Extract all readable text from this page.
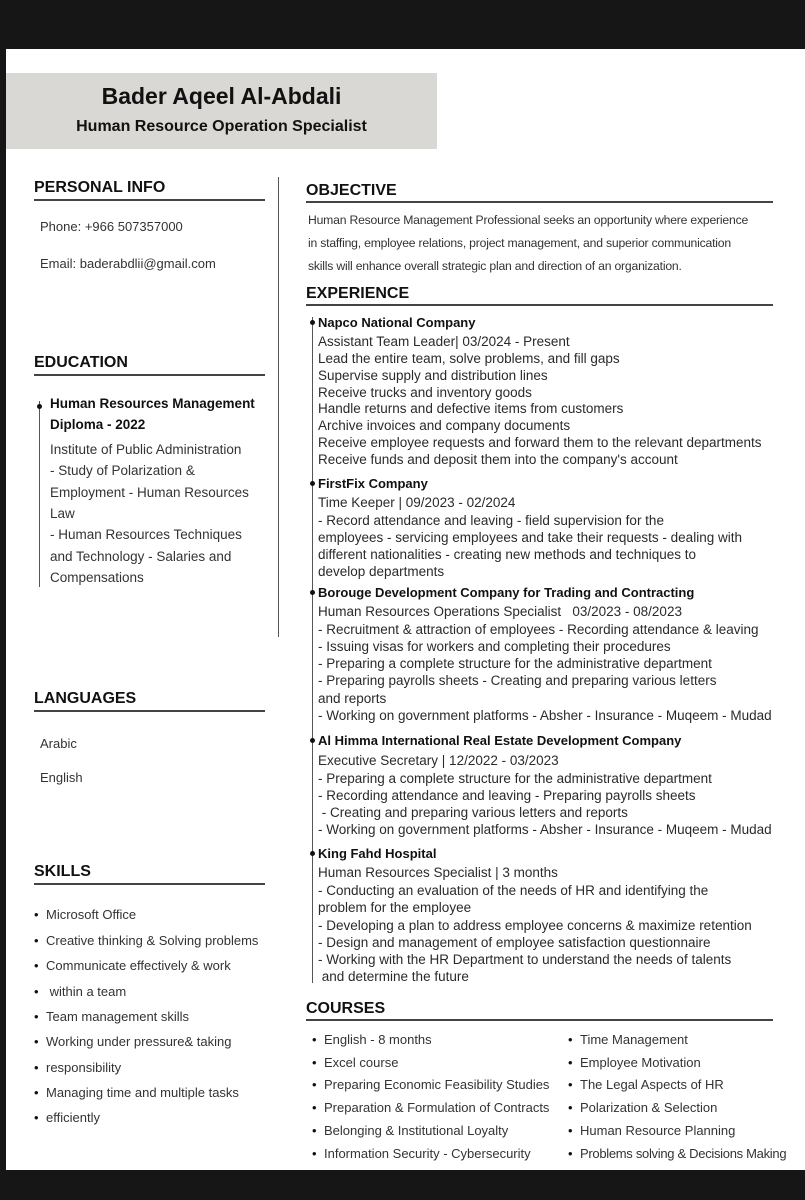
Bader Aqeel Al-Abdali
Human Resource Operation Specialist
PERSONAL INFO
Phone: +966 507357000
Email: baderabdlii@gmail.com
EDUCATION
Human Resources Management
Diploma - 2022
Institute of Public Administration
- Study of Polarization &
Employment - Human Resources
Law
- Human Resources Techniques
and Technology - Salaries and
Compensations
LANGUAGES
Arabic
English
SKILLS
• Microsoft Office
• Creative thinking & Solving problems
• Communicate effectively & work
•  within a team
• Team management skills
• Working under pressure& taking
• responsibility
• Managing time and multiple tasks
• efficiently
OBJECTIVE
Human Resource Management Professional seeks an opportunity where experience
in staffing, employee relations, project management, and superior communication
skills will enhance overall strategic plan and direction of an organization.
EXPERIENCE
Napco National Company
Assistant Team Leader| 03/2024 - Present
Lead the entire team, solve problems, and fill gaps
Supervise supply and distribution lines
Receive trucks and inventory goods
Handle returns and defective items from customers
Archive invoices and company documents
Receive employee requests and forward them to the relevant departments
Receive funds and deposit them into the company's account
FirstFix Company
Time Keeper | 09/2023 - 02/2024
- Record attendance and leaving - field supervision for the
employees - servicing employees and take their requests - dealing with
different nationalities - creating new methods and techniques to
develop departments
Borouge Development Company for Trading and Contracting
Human Resources Operations Specialist   03/2023 - 08/2023
- Recruitment & attraction of employees - Recording attendance & leaving
- Issuing visas for workers and completing their procedures
- Preparing a complete structure for the administrative department
- Preparing payrolls sheets - Creating and preparing various letters
and reports
- Working on government platforms - Absher - Insurance - Muqeem - Mudad
Al Himma International Real Estate Development Company
Executive Secretary | 12/2022 - 03/2023
- Preparing a complete structure for the administrative department
- Recording attendance and leaving - Preparing payrolls sheets
- Creating and preparing various letters and reports
- Working on government platforms - Absher - Insurance - Muqeem - Mudad
King Fahd Hospital
Human Resources Specialist | 3 months
- Conducting an evaluation of the needs of HR and identifying the
problem for the employee
- Developing a plan to address employee concerns & maximize retention
- Design and management of employee satisfaction questionnaire
- Working with the HR Department to understand the needs of talents
and determine the future
COURSES
• English - 8 months
• Excel course
• Preparing Economic Feasibility Studies
• Preparation & Formulation of Contracts
• Belonging & Institutional Loyalty
• Information Security - Cybersecurity
• Time Management
• Employee Motivation
• The Legal Aspects of HR
• Polarization & Selection
• Human Resource Planning
• Problems solving & Decisions Making
